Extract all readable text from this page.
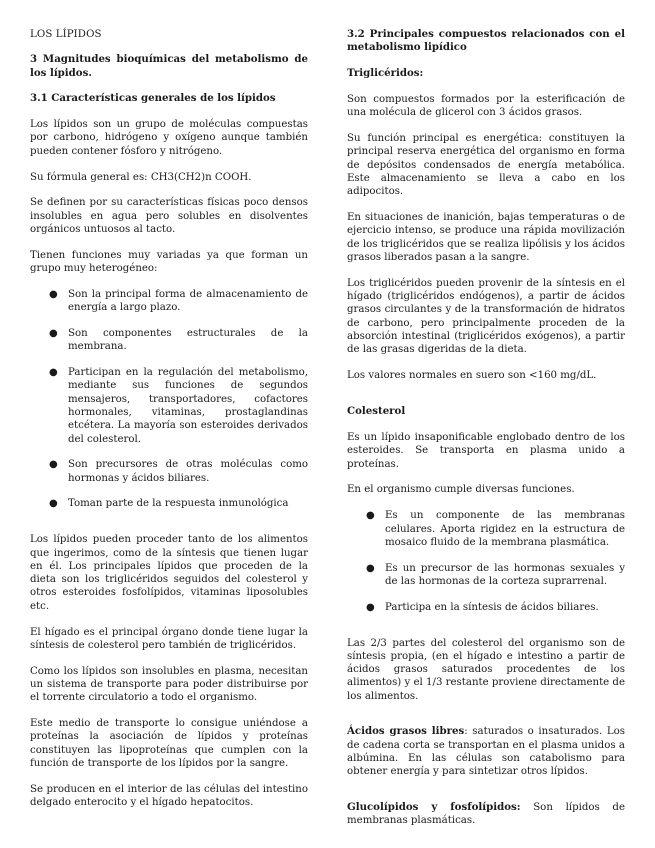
LOS LÍPIDOS

3 Magnitudes bioquímicas del metabolismo de los lípidos.

3.1 Características generales de los lípidos

Los lípidos son un grupo de moléculas compuestas por carbono, hidrógeno y oxígeno aunque también pueden contener fósforo y nitrógeno.

Su fórmula general es: CH3(CH2)n COOH.

Se definen por su características físicas poco densos insolubles en agua pero solubles en disolventes orgánicos untuosos al tacto.

Tienen funciones muy variadas ya que forman un grupo muy heterogéneo:

● Son la principal forma de almacenamiento de energía a largo plazo.
● Son componentes estructurales de la membrana.
● Participan en la regulación del metabolismo, mediante sus funciones de segundos mensajeros, transportadores, cofactores hormonales, vitaminas, prostaglandinas etcétera. La mayoría son esteroides derivados del colesterol.
● Son precursores de otras moléculas como hormonas y ácidos biliares.
● Toman parte de la respuesta inmunológica

Los lípidos pueden proceder tanto de los alimentos que ingerimos, como de la síntesis que tienen lugar en él. Los principales lípidos que proceden de la dieta son los triglicéridos seguidos del colesterol y otros esteroides fosfolípidos, vitaminas liposolubles etc.

El hígado es el principal órgano donde tiene lugar la síntesis de colesterol pero también de triglicéridos.

Como los lípidos son insolubles en plasma, necesitan un sistema de transporte para poder distribuirse por el torrente circulatorio a todo el organismo.

Este medio de transporte lo consigue uniéndose a proteínas la asociación de lípidos y proteínas constituyen las lipoproteínas que cumplen con la función de transporte de los lípidos por la sangre.

Se producen en el interior de las células del intestino delgado enterocito y el hígado hepatocitos.

3.2 Principales compuestos relacionados con el metabolismo lipídico

Triglicéridos:

Son compuestos formados por la esterificación de una molécula de glicerol con 3 ácidos grasos.

Su función principal es energética: constituyen la principal reserva energética del organismo en forma de depósitos condensados de energía metabólica. Este almacenamiento se lleva a cabo en los adipocitos.

En situaciones de inanición, bajas temperaturas o de ejercicio intenso, se produce una rápida movilización de los triglicéridos que se realiza lipólisis y los ácidos grasos liberados pasan a la sangre.

Los triglicéridos pueden provenir de la síntesis en el hígado (triglicéridos endógenos), a partir de ácidos grasos circulantes y de la transformación de hidratos de carbono, pero principalmente proceden de la absorción intestinal (triglicéridos exógenos), a partir de las grasas digeridas de la dieta.

Los valores normales en suero son <160 mg/dL.

Colesterol

Es un lípido insaponificable englobado dentro de los esteroides. Se transporta en plasma unido a proteínas.

En el organismo cumple diversas funciones.

● Es un componente de las membranas celulares. Aporta rigidez en la estructura de mosaico fluido de la membrana plasmática.
● Es un precursor de las hormonas sexuales y de las hormonas de la corteza suprarrenal.
● Participa en la síntesis de ácidos biliares.

Las 2/3 partes del colesterol del organismo son de síntesis propia, (en el hígado e intestino a partir de ácidos grasos saturados procedentes de los alimentos) y el 1/3 restante proviene directamente de los alimentos.

Ácidos grasos libres: saturados o insaturados. Los de cadena corta se transportan en el plasma unidos a albúmina. En las células son catabolismo para obtener energía y para sintetizar otros lípidos.

Glucolípidos y fosfolípidos: Son lípidos de membranas plasmáticas.
